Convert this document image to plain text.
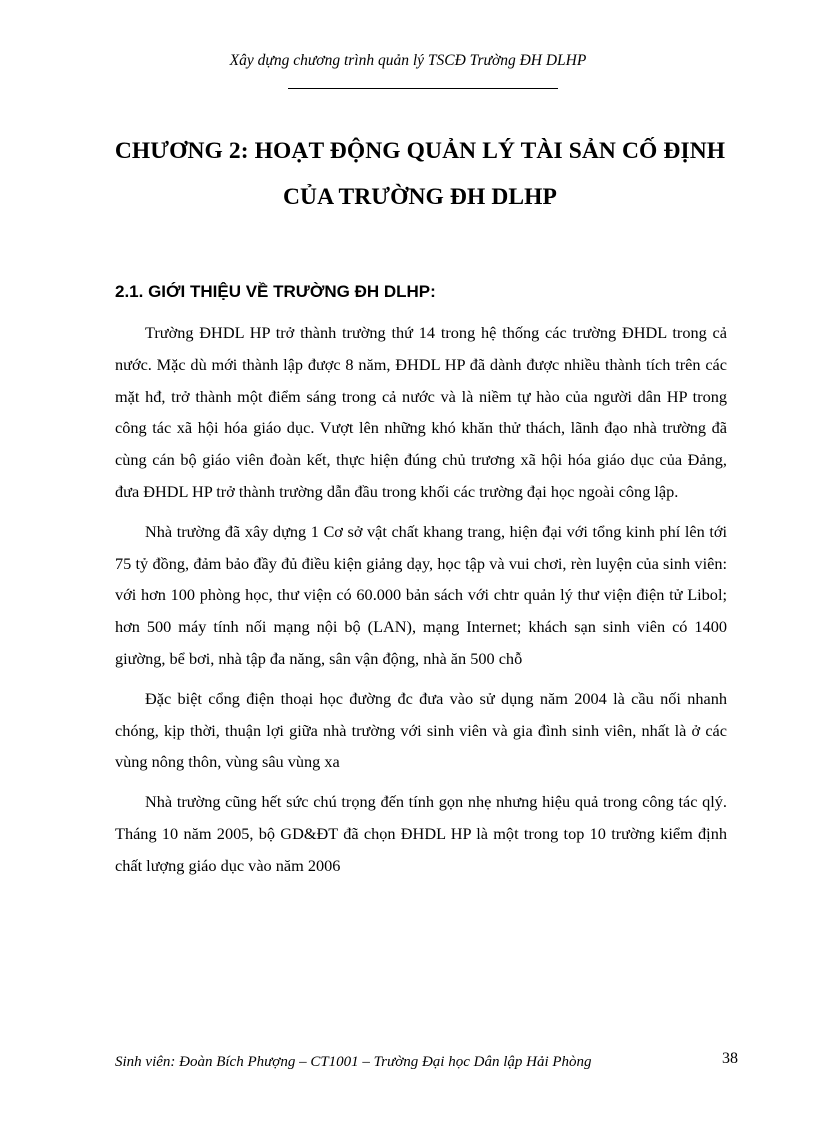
Xây dựng chương trình quản lý TSCĐ Trường ĐH DLHP
CHƯƠNG 2: HOẠT ĐỘNG QUẢN LÝ TÀI SẢN CỐ ĐỊNH
CỦA TRƯỜNG ĐH DLHP
2.1. GIỚI THIỆU VỀ TRƯỜNG ĐH DLHP:

Trường ĐHDL HP trở thành trường thứ 14 trong hệ thống các trường ĐHDL trong cả nước. Mặc dù mới thành lập được 8 năm, ĐHDL HP đã dành được nhiều thành tích trên các mặt hđ, trở thành một điểm sáng trong cả nước và là niềm tự hào của người dân HP trong công tác xã hội hóa giáo dục. Vượt lên những khó khăn thử thách, lãnh đạo nhà trường đã cùng cán bộ giáo viên đoàn kết, thực hiện đúng chủ trương xã hội hóa giáo dục của Đảng, đưa ĐHDL HP trở thành trường dẫn đầu trong khối các trường đại học ngoài công lập.

Nhà trường đã xây dựng 1 Cơ sở vật chất khang trang, hiện đại với tổng kinh phí lên tới 75 tỷ đồng, đảm bảo đầy đủ điều kiện giảng dạy, học tập và vui chơi, rèn luyện của sinh viên: với hơn 100 phòng học, thư viện có 60.000 bản sách với chtr quản lý thư viện điện tử Libol; hơn 500 máy tính nối mạng nội bộ (LAN), mạng Internet; khách sạn sinh viên có 1400 giường, bể bơi, nhà tập đa năng, sân vận động, nhà ăn 500 chỗ

Đặc biệt cổng điện thoại học đường đc đưa vào sử dụng năm 2004 là cầu nối nhanh chóng, kịp thời, thuận lợi giữa nhà trường với sinh viên và gia đình sinh viên, nhất là ở các vùng nông thôn, vùng sâu vùng xa

Nhà trường cũng hết sức chú trọng đến tính gọn nhẹ nhưng hiệu quả trong công tác qlý. Tháng 10 năm 2005, bộ GD&ĐT đã chọn ĐHDL HP là một trong top 10 trường kiểm định chất lượng giáo dục vào năm 2006

Sinh viên: Đoàn Bích Phượng – CT1001 – Trường Đại học Dân lập Hải Phòng	38
